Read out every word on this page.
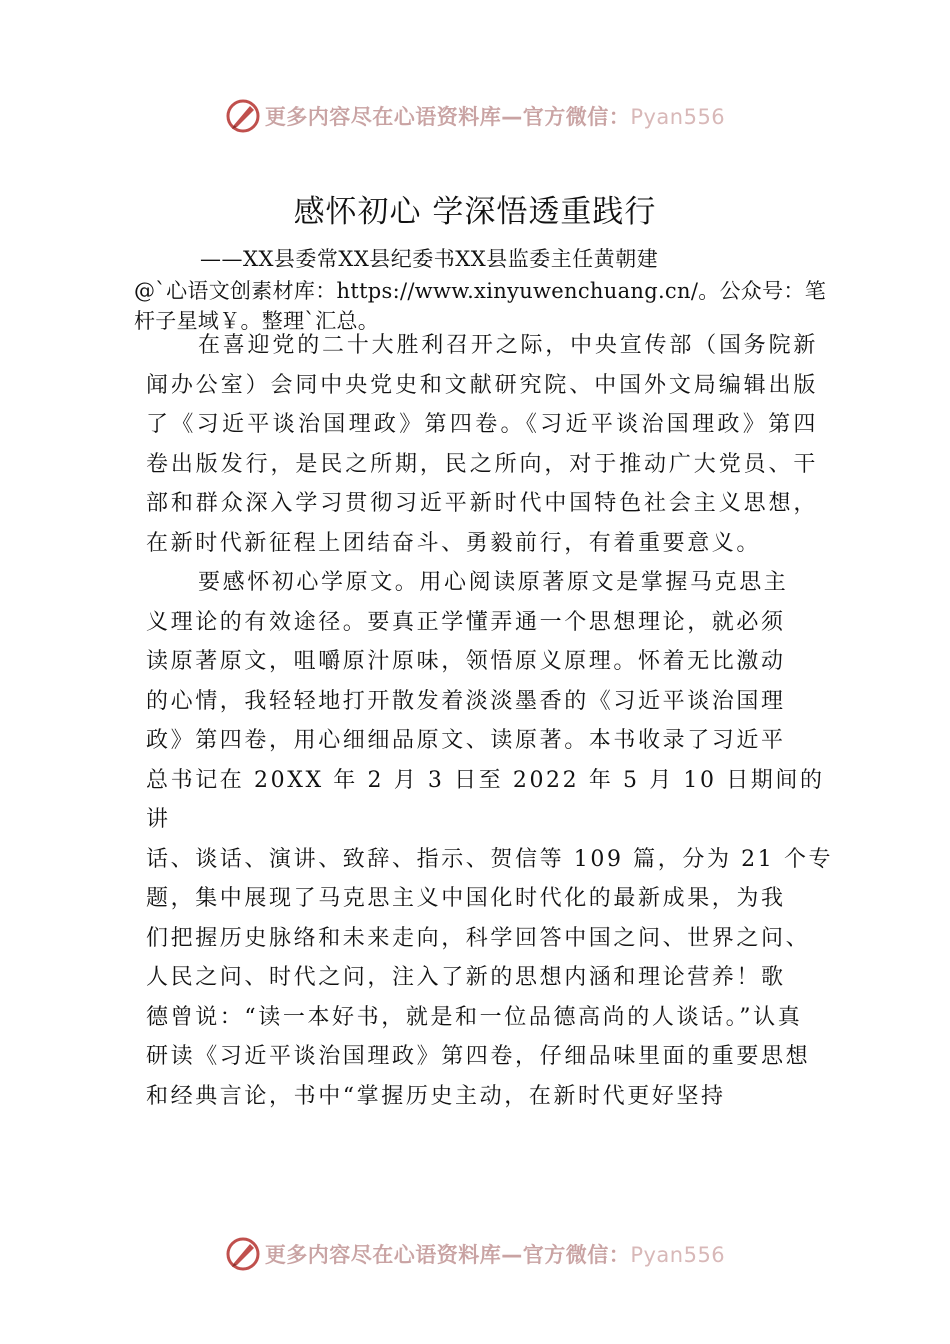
更多内容尽在心语资料库—官方微信：Pyan556
感怀初心 学深悟透重践行
——XX县委常XX县纪委书XX县监委主任黄朝建
@`心语文创素材库：https://www.xinyuwenchuang.cn/。公众号：笔杆子星域￥。整理`汇总。

在喜迎党的二十大胜利召开之际，中央宣传部（国务院新闻办公室）会同中央党史和文献研究院、中国外文局编辑出版了《习近平谈治国理政》第四卷。《习近平谈治国理政》第四卷出版发行，是民之所期，民之所向，对于推动广大党员、干部和群众深入学习贯彻习近平新时代中国特色社会主义思想，在新时代新征程上团结奋斗、勇毅前行，有着重要意义。

要感怀初心学原文。用心阅读原著原文是掌握马克思主
义理论的有效途径。要真正学懂弄通一个思想理论，就必须
读原著原文，咀嚼原汁原味，领悟原义原理。怀着无比激动
的心情，我轻轻地打开散发着淡淡墨香的《习近平谈治国理
政》第四卷，用心细细品原文、读原著。本书收录了习近平
总书记在 20XX 年 2 月 3 日至 2022 年 5 月 10 日期间的
讲

话、谈话、演讲、致辞、指示、贺信等 109 篇，分为 21 个专
题，集中展现了马克思主义中国化时代化的最新成果，为我
们把握历史脉络和未来走向，科学回答中国之问、世界之问、
人民之问、时代之问，注入了新的思想内涵和理论营养！歌
德曾说：“读一本好书，就是和一位品德高尚的人谈话。”认真
研读《习近平谈治国理政》第四卷，仔细品味里面的重要思想
和经典言论，书中“掌握历史主动，在新时代更好坚持

更多内容尽在心语资料库—官方微信：Pyan556
